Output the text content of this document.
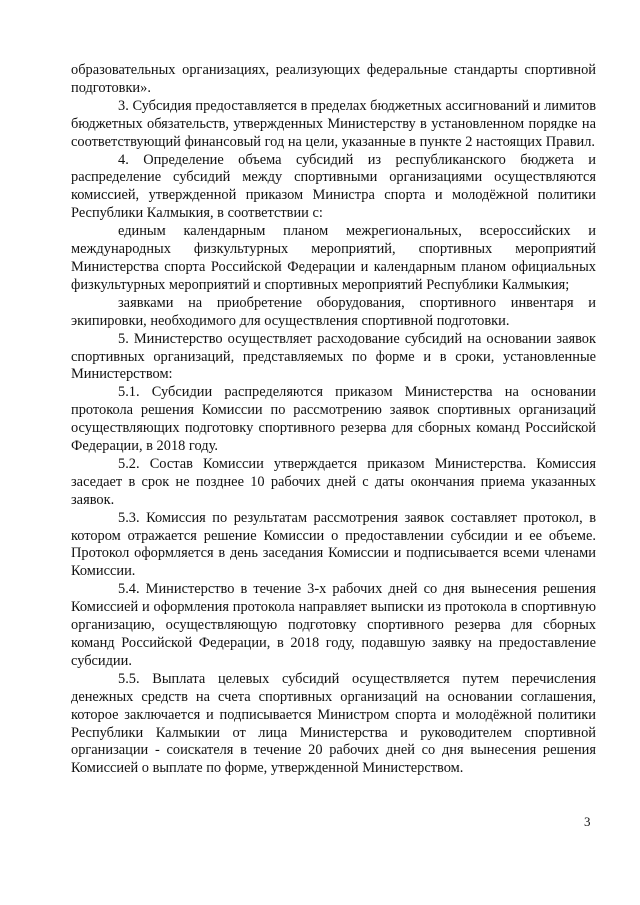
образовательных организациях, реализующих федеральные стандарты спортивной подготовки».

3. Субсидия предоставляется в пределах бюджетных ассигнований и лимитов бюджетных обязательств, утвержденных Министерству в установленном порядке на соответствующий финансовый год на цели, указанные в пункте 2 настоящих Правил.

4. Определение объема субсидий из республиканского бюджета и распределение субсидий между спортивными организациями осуществляются комиссией, утвержденной приказом Министра спорта и молодёжной политики Республики Калмыкия, в соответствии с:

единым календарным планом межрегиональных, всероссийских и международных физкультурных мероприятий, спортивных мероприятий Министерства спорта Российской Федерации и календарным планом официальных физкультурных мероприятий и спортивных мероприятий Республики Калмыкия;

заявками на приобретение оборудования, спортивного инвентаря и экипировки, необходимого для осуществления спортивной подготовки.

5. Министерство осуществляет расходование субсидий на основании заявок спортивных организаций, представляемых по форме и в сроки, установленные Министерством:

5.1. Субсидии распределяются приказом Министерства на основании протокола решения Комиссии по рассмотрению заявок спортивных организаций осуществляющих подготовку спортивного резерва для сборных команд Российской Федерации, в 2018 году.

5.2. Состав Комиссии утверждается приказом Министерства. Комиссия заседает в срок не позднее 10 рабочих дней с даты окончания приема указанных заявок.

5.3. Комиссия по результатам рассмотрения заявок составляет протокол, в котором отражается решение Комиссии о предоставлении субсидии и ее объеме. Протокол оформляется в день заседания Комиссии и подписывается всеми членами Комиссии.

5.4. Министерство в течение 3-х рабочих дней со дня вынесения решения Комиссией и оформления протокола направляет выписки из протокола в спортивную организацию, осуществляющую подготовку спортивного резерва для сборных команд Российской Федерации, в 2018 году, подавшую заявку на предоставление субсидии.

5.5. Выплата целевых субсидий осуществляется путем перечисления денежных средств на счета спортивных организаций на основании соглашения, которое заключается и подписывается Министром спорта и молодёжной политики Республики Калмыкии от лица Министерства и руководителем спортивной организации - соискателя в течение 20 рабочих дней со дня вынесения решения Комиссией о выплате по форме, утвержденной Министерством.

3
